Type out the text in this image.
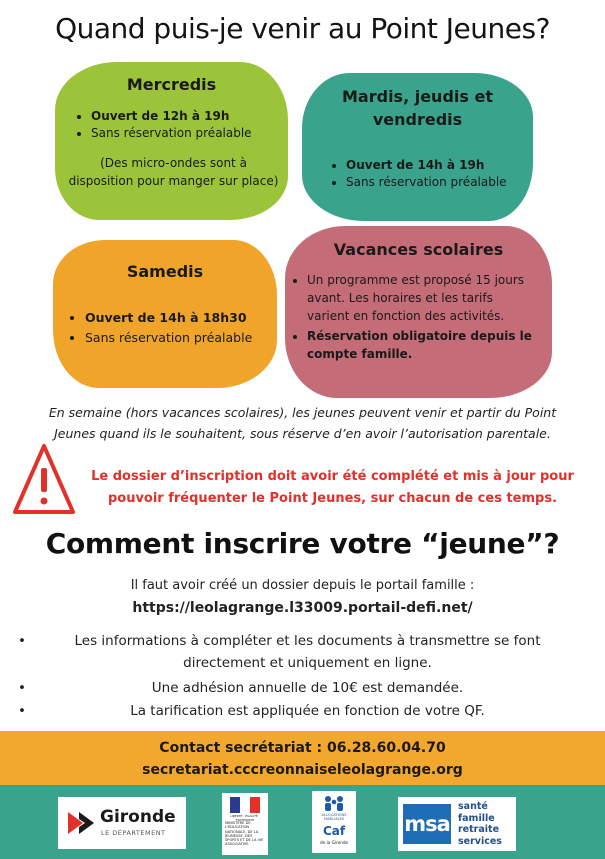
Quand puis-je venir au Point Jeunes?
Mercredis
• Ouvert de 12h à 19h
• Sans réservation préalable
(Des micro-ondes sont à disposition pour manger sur place)
Mardis, jeudis et vendredis
• Ouvert de 14h à 19h
• Sans réservation préalable
Samedis
• Ouvert de 14h à 18h30
• Sans réservation préalable
Vacances scolaires
• Un programme est proposé 15 jours avant. Les horaires et les tarifs varient en fonction des activités.
• Réservation obligatoire depuis le compte famille.
En semaine (hors vacances scolaires), les jeunes peuvent venir et partir du Point Jeunes quand ils le souhaitent, sous réserve d’en avoir l’autorisation parentale.
Le dossier d’inscription doit avoir été complété et mis à jour pour pouvoir fréquenter le Point Jeunes, sur chacun de ces temps.
Comment inscrire votre “jeune”?
Il faut avoir créé un dossier depuis le portail famille :
https://leolagrange.l33009.portail-defi.net/
•	Les informations à compléter et les documents à transmettre se font directement et uniquement en ligne.
•	Une adhésion annuelle de 10€ est demandée.
•	La tarification est appliquée en fonction de votre QF.
Contact secrétariat : 06.28.60.04.70
secretariat.cccreonnaiseleolagrange.org
Gironde
LE DÉPARTEMENT
LIBERTÉ · ÉGALITÉ · FRATERNITÉ
MINISTÈRE DE L'ÉDUCATION NATIONALE, DE LA JEUNESSE, DES SPORTS ET DE LA VIE ASSOCIATIVE
ALLOCATIONS FAMILIALES
Caf
de la Gironde
msa
santé
famille
retraite
services
